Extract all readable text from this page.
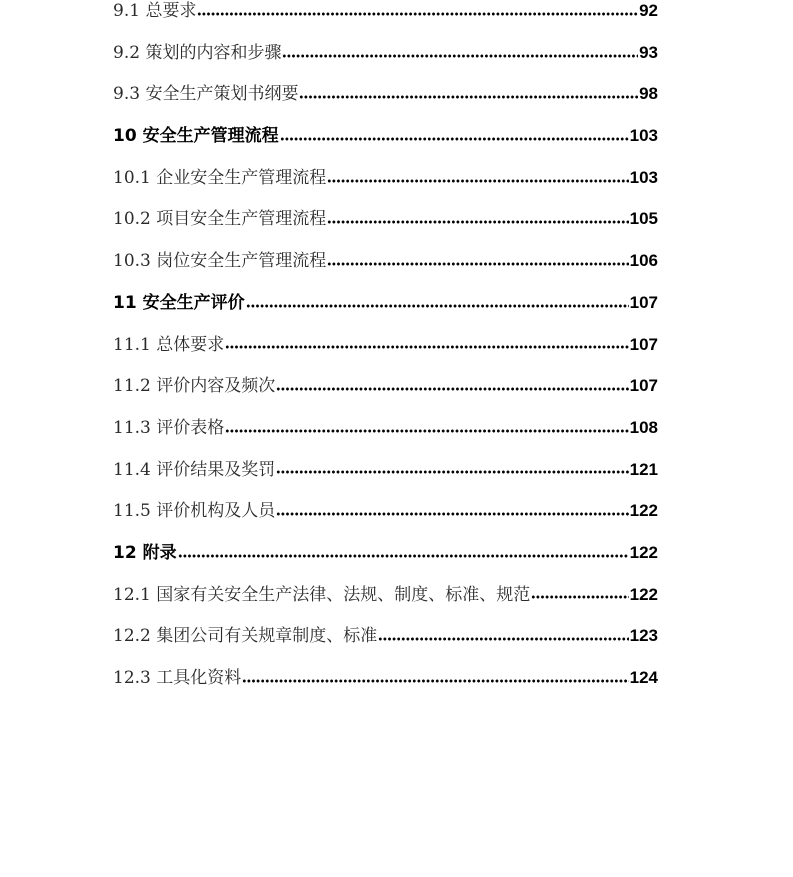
9.1 总要求	92
9.2 策划的内容和步骤	93
9.3 安全生产策划书纲要	98
10 安全生产管理流程	103
10.1 企业安全生产管理流程	103
10.2 项目安全生产管理流程	105
10.3 岗位安全生产管理流程	106
11 安全生产评价	107
11.1 总体要求	107
11.2 评价内容及频次	107
11.3 评价表格	108
11.4 评价结果及奖罚	121
11.5 评价机构及人员	122
12 附录	122
12.1 国家有关安全生产法律、法规、制度、标准、规范	122
12.2 集团公司有关规章制度、标准	123
12.3 工具化资料	124
